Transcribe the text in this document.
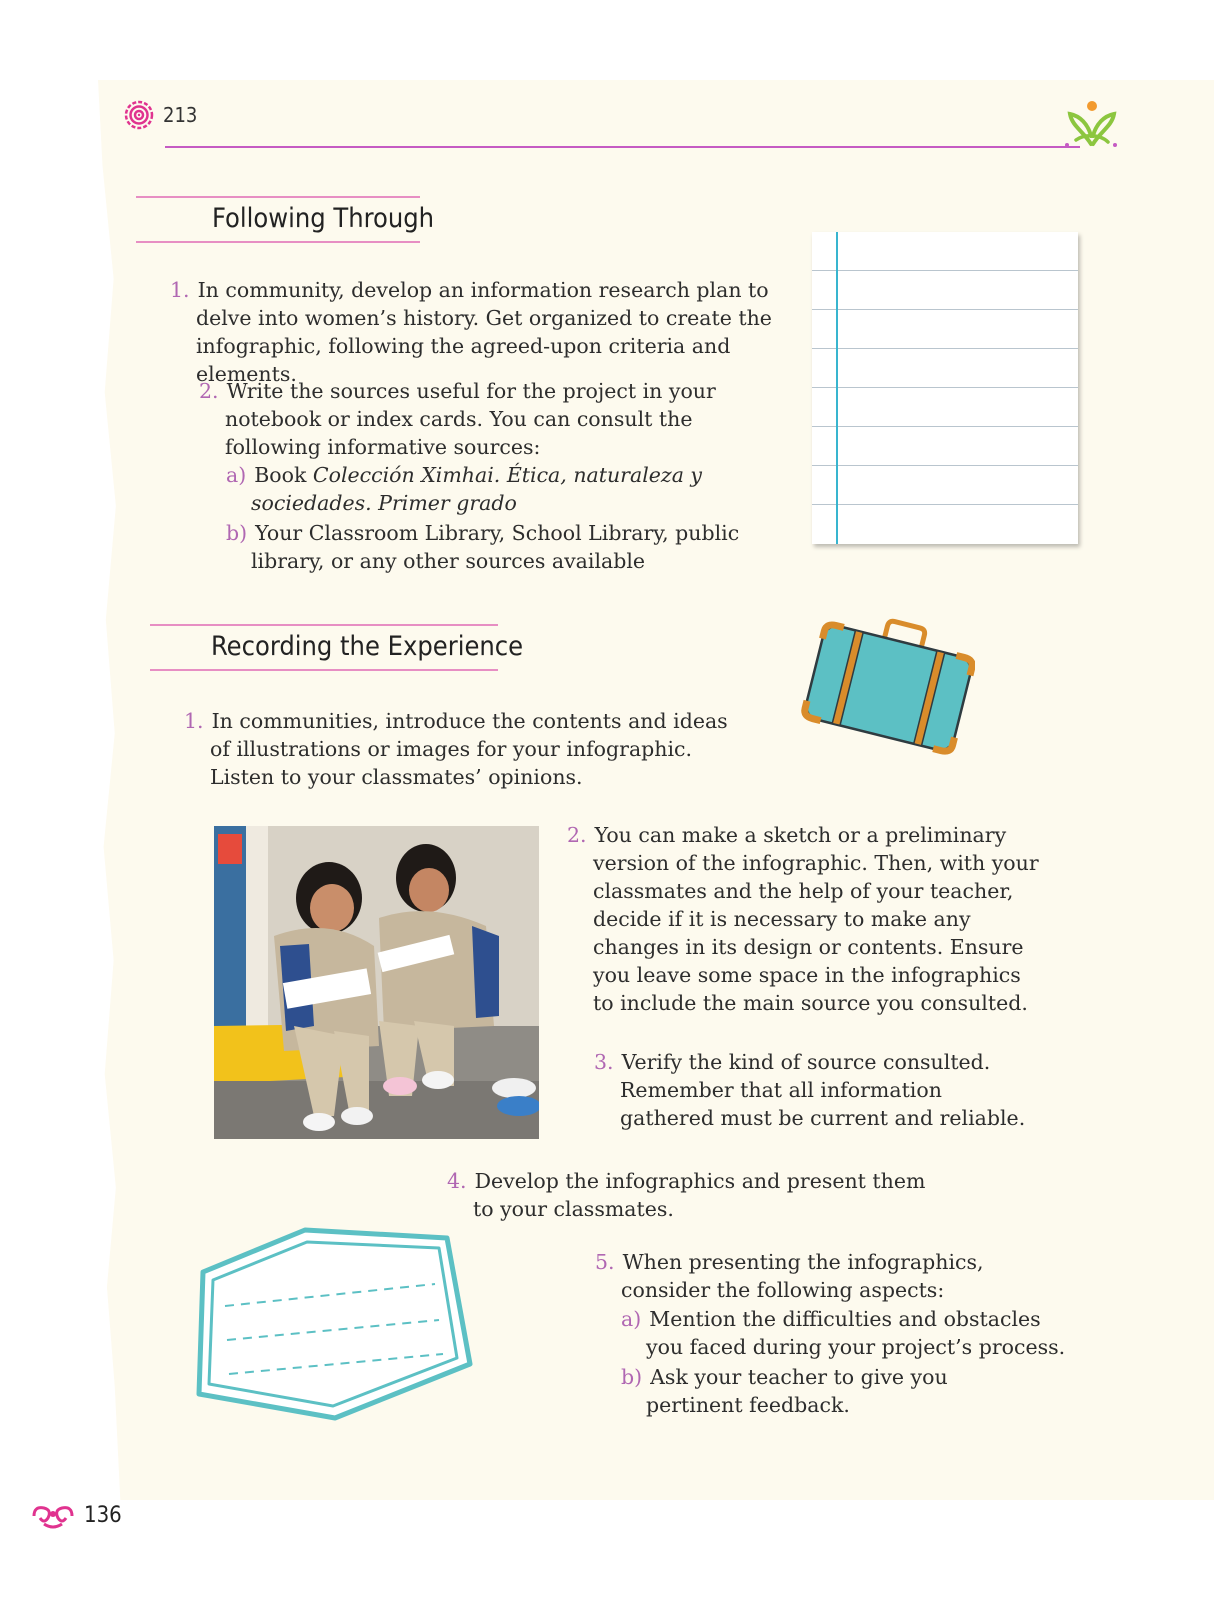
213
Following Through
1. In community, develop an information research plan to delve into women’s history. Get organized to create the infographic, following the agreed-upon criteria and elements.
2. Write the sources useful for the project in your notebook or index cards. You can consult the following informative sources:
a) Book Colección Ximhai. Ética, naturaleza y sociedades. Primer grado
b) Your Classroom Library, School Library, public library, or any other sources available
Recording the Experience
1. In communities, introduce the contents and ideas of illustrations or images for your infographic. Listen to your classmates’ opinions.
2. You can make a sketch or a preliminary version of the infographic. Then, with your classmates and the help of your teacher, decide if it is necessary to make any changes in its design or contents. Ensure you leave some space in the infographics to include the main source you consulted.
3. Verify the kind of source consulted. Remember that all information gathered must be current and reliable.
4. Develop the infographics and present them to your classmates.
5. When presenting the infographics, consider the following aspects:
a) Mention the difficulties and obstacles you faced during your project’s process.
b) Ask your teacher to give you pertinent feedback.
136
